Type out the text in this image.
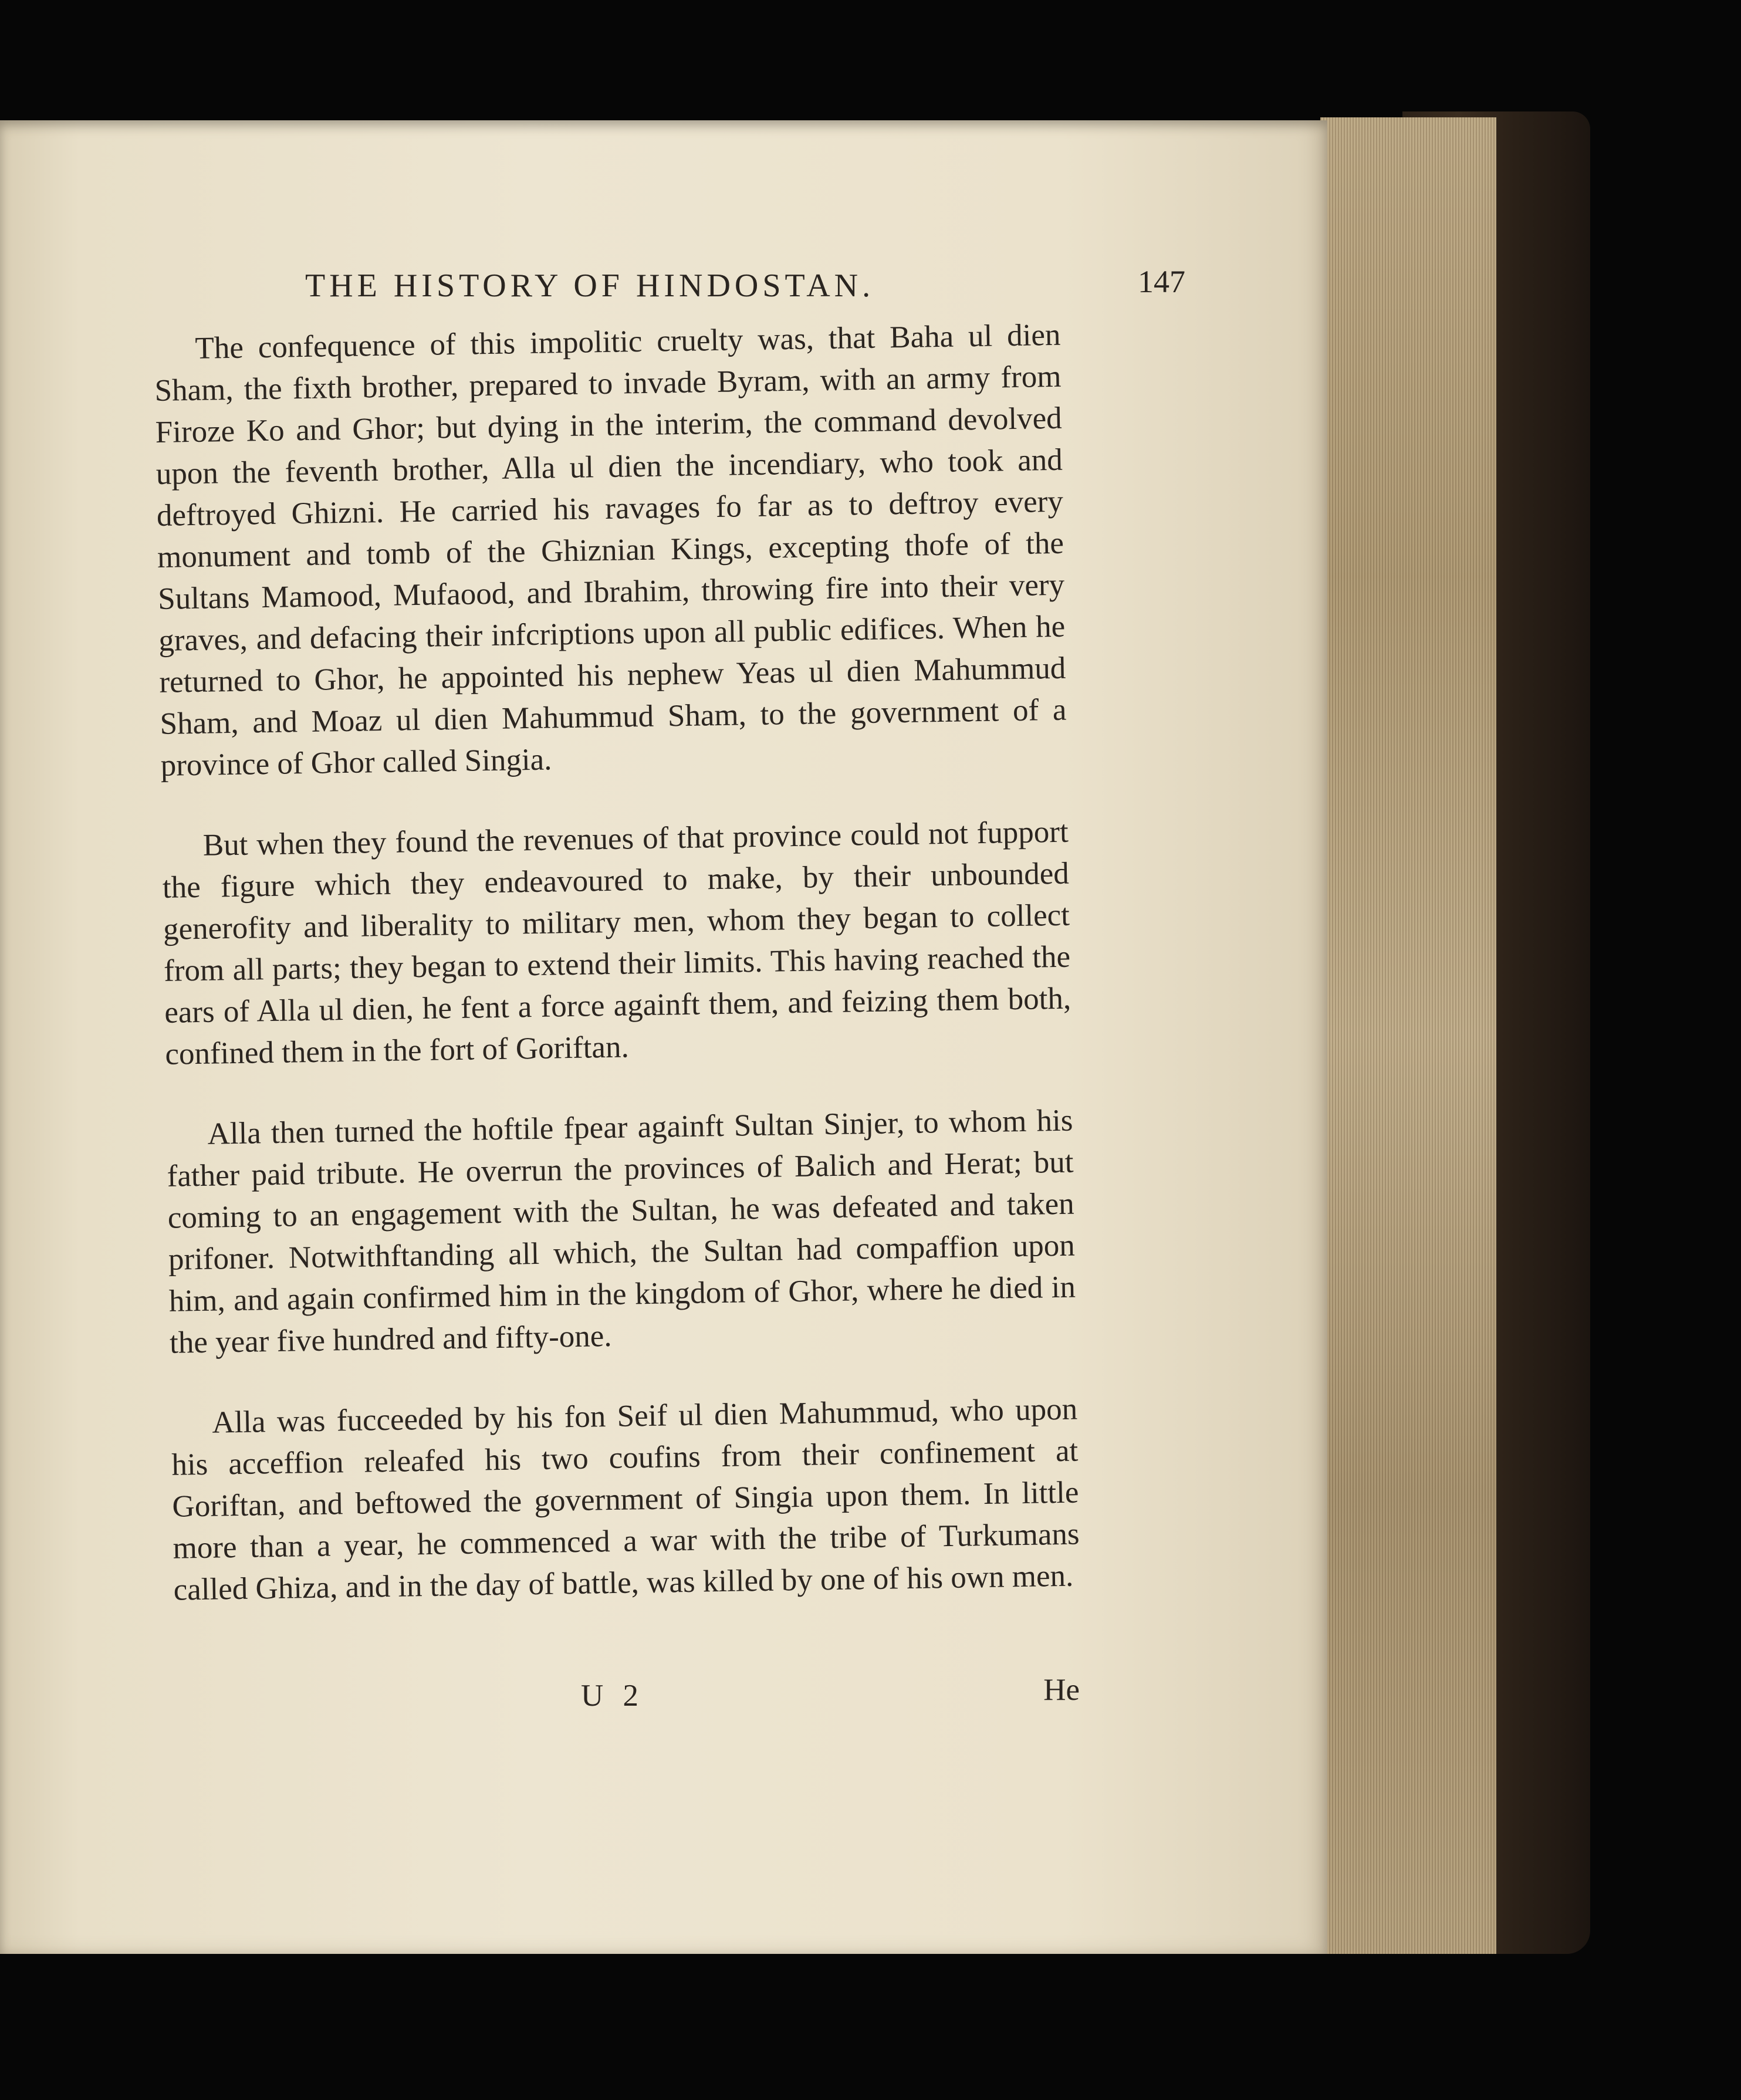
THE HISTORY OF HINDOSTAN.	147

The confequence of this impolitic cruelty was, that Baha ul dien Sham, the fixth brother, prepared to invade Byram, with an army from Firoze Ko and Ghor; but dying in the interim, the command devolved upon the feventh brother, Alla ul dien the incendiary, who took and deftroyed Ghizni. He carried his ravages fo far as to deftroy every monument and tomb of the Ghiznian Kings, excepting thofe of the Sultans Mamood, Mufaood, and Ibrahim, throwing fire into their very graves, and defacing their infcriptions upon all public edifices. When he returned to Ghor, he appointed his nephew Yeas ul dien Mahummud Sham, and Moaz ul dien Mahummud Sham, to the government of a province of Ghor called Singia.

But when they found the revenues of that province could not fupport the figure which they endeavoured to make, by their unbounded generofity and liberality to military men, whom they began to collect from all parts; they began to extend their limits. This having reached the ears of Alla ul dien, he fent a force againft them, and feizing them both, confined them in the fort of Goriftan.

Alla then turned the hoftile fpear againft Sultan Sinjer, to whom his father paid tribute. He overrun the provinces of Balich and Herat; but coming to an engagement with the Sultan, he was defeated and taken prifoner. Notwithftanding all which, the Sultan had compaffion upon him, and again confirmed him in the kingdom of Ghor, where he died in the year five hundred and fifty-one.

Alla was fucceeded by his fon Seif ul dien Mahummud, who upon his acceffion releafed his two coufins from their confinement at Goriftan, and beftowed the government of Singia upon them. In little more than a year, he commenced a war with the tribe of Turkumans called Ghiza, and in the day of battle, was killed by one of his own men.

U 2	He
